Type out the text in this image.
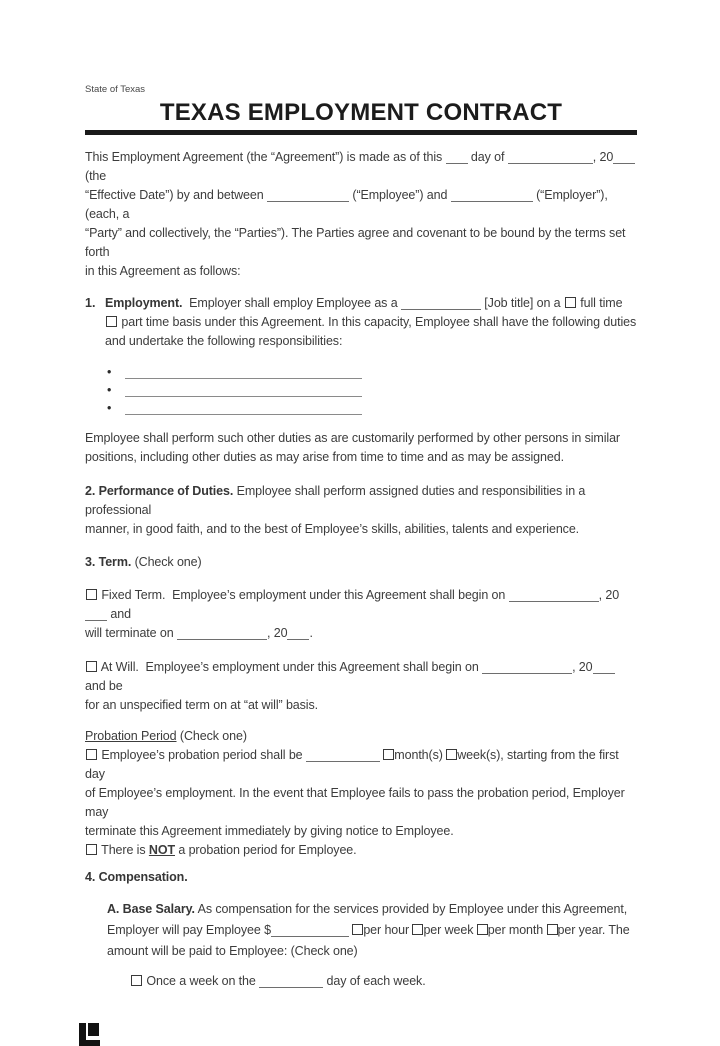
State of Texas
TEXAS EMPLOYMENT CONTRACT
This Employment Agreement (the “Agreement”) is made as of this day of	, 20 (the
“Effective Date”) by and between	(“Employee”) and	(“Employer”), (each, a
“Party” and collectively, the “Parties”). The Parties agree and covenant to be bound by the terms set forth
in this Agreement as follows:
1. Employment. Employer shall employ Employee as a	[Job title] on a full time
part time basis under this Agreement. In this capacity, Employee shall have the following duties
and undertake the following responsibilities:
•
•
•
Employee shall perform such other duties as are customarily performed by other persons in similar
positions, including other duties as may arise from time to time and as may be assigned.
2. Performance of Duties. Employee shall perform assigned duties and responsibilities in a professional
manner, in good faith, and to the best of Employee’s skills, abilities, talents and experience.
3. Term. (Check one)
Fixed Term. Employee’s employment under this Agreement shall begin on	, 20 and
will terminate on	, 20 .
At Will. Employee’s employment under this Agreement shall begin on	, 20 and be
for an unspecified term on at “at will” basis.
Probation Period (Check one)
Employee’s probation period shall be	month(s) week(s), starting from the first day
of Employee’s employment. In the event that Employee fails to pass the probation period, Employer may
terminate this Agreement immediately by giving notice to Employee.
There is NOT a probation period for Employee.
4. Compensation.
A. Base Salary. As compensation for the services provided by Employee under this Agreement,
Employer will pay Employee $	per hour per week per month per year. The
amount will be paid to Employee: (Check one)
Once a week on the	day of each week.
